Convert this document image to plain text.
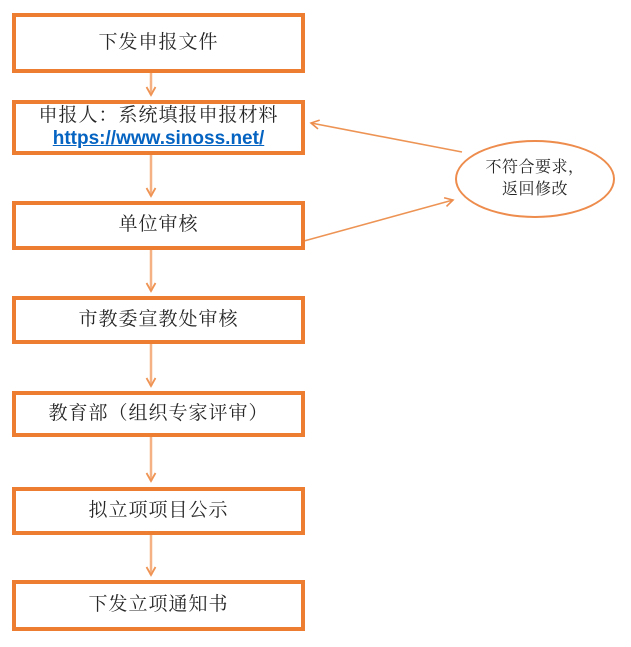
下发申报文件
申报人：系统填报申报材料
https://www.sinoss.net/
单位审核
市教委宣教处审核
教育部（组织专家评审）
拟立项项目公示
下发立项通知书
不符合要求，
返回修改
